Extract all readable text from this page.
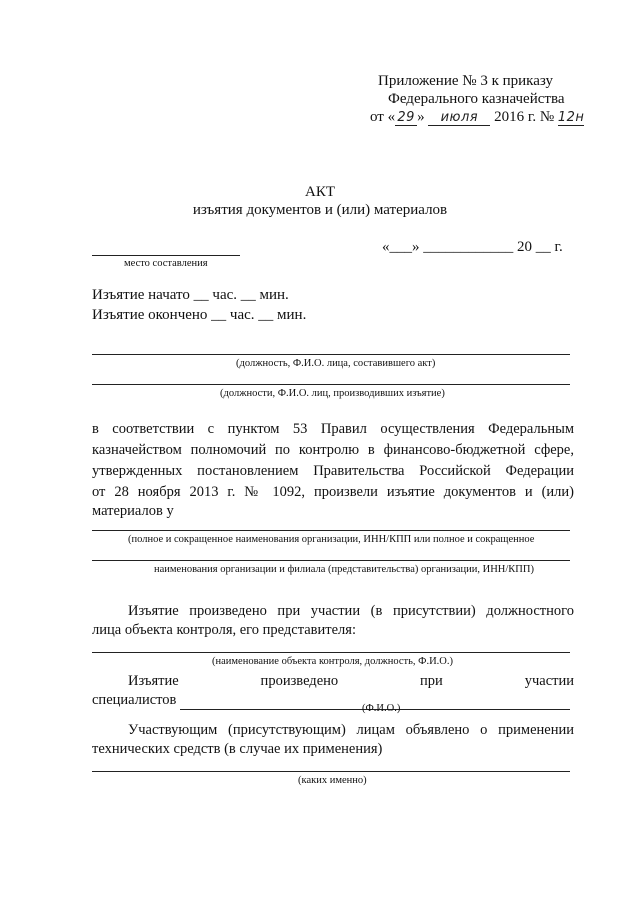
Приложение № 3 к приказу
Федерального казначейства
от « 29 » июля 2016 г. № 12н
АКТ
изъятия документов и (или) материалов
место составления
«___» ____________ 20 __ г.
Изъятие начато __ час. __ мин.
Изъятие окончено __ час. __ мин.
(должность, Ф.И.О. лица, составившего акт)
(должности, Ф.И.О. лиц, производивших изъятие)
в соответствии с пунктом 53 Правил осуществления Федеральным
казначейством полномочий по контролю в финансово-бюджетной сфере,
утвержденных постановлением Правительства Российской Федерации
от 28 ноября 2013 г. № 1092, произвели изъятие документов и (или)
материалов у
(полное и сокращенное наименования организации, ИНН/КПП или полное и сокращенное
наименования организации и филиала (представительства) организации, ИНН/КПП)
Изъятие произведено при участии (в присутствии) должностного
лица объекта контроля, его представителя:
(наименование объекта контроля, должность, Ф.И.О.)
Изъятие произведено при участии
специалистов
(Ф.И.О.)
Участвующим (присутствующим) лицам объявлено о применении
технических средств (в случае их применения)
(каких именно)
